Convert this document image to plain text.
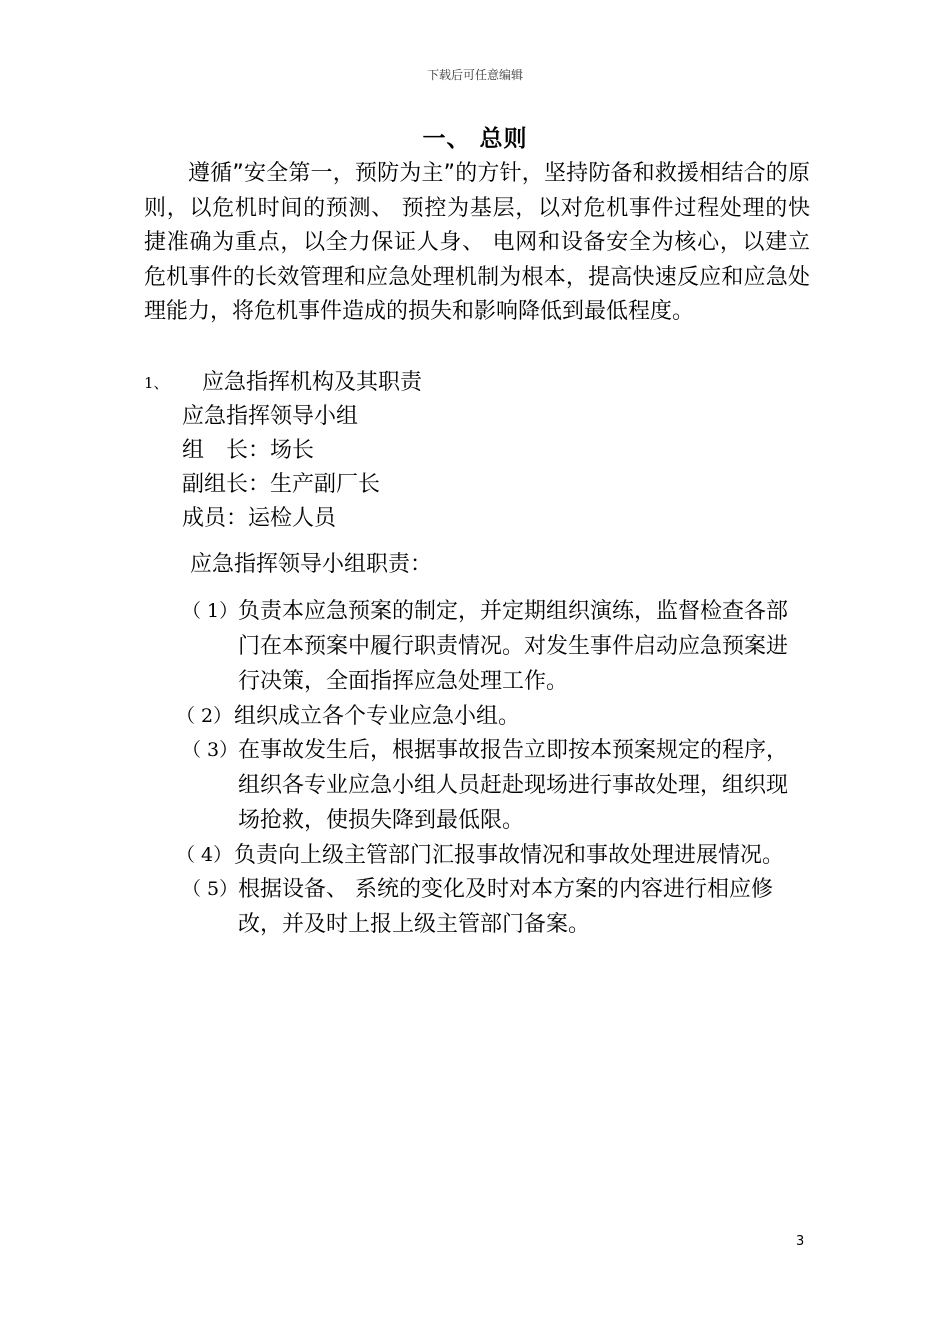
下载后可任意编辑
一、 总则

遵循”安全第一，预防为主”的方针，坚持防备和救援相结合的原则，以危机时间的预测、 预控为基层，以对危机事件过程处理的快捷准确为重点，以全力保证人身、 电网和设备安全为核心，以建立危机事件的长效管理和应急处理机制为根本，提高快速反应和应急处理能力，将危机事件造成的损失和影响降低到最低程度。

1、 应急指挥机构及其职责
应急指挥领导小组
组　长：场长
副组长：生产副厂长
成员：运检人员
应急指挥领导小组职责：
（ 1） 负责本应急预案的制定，并定期组织演练，监督检查各部门在本预案中履行职责情况。对发生事件启动应急预案进行决策，全面指挥应急处理工作。

（ 2） 组织成立各个专业应急小组。

（ 3） 在事故发生后，根据事故报告立即按本预案规定的程序，组织各专业应急小组人员赶赴现场进行事故处理，组织现场抢救，使损失降到最低限。

（ 4） 负责向上级主管部门汇报事故情况和事故处理进展情况。

（ 5） 根据设备、 系统的变化及时对本方案的内容进行相应修改，并及时上报上级主管部门备案。

3
